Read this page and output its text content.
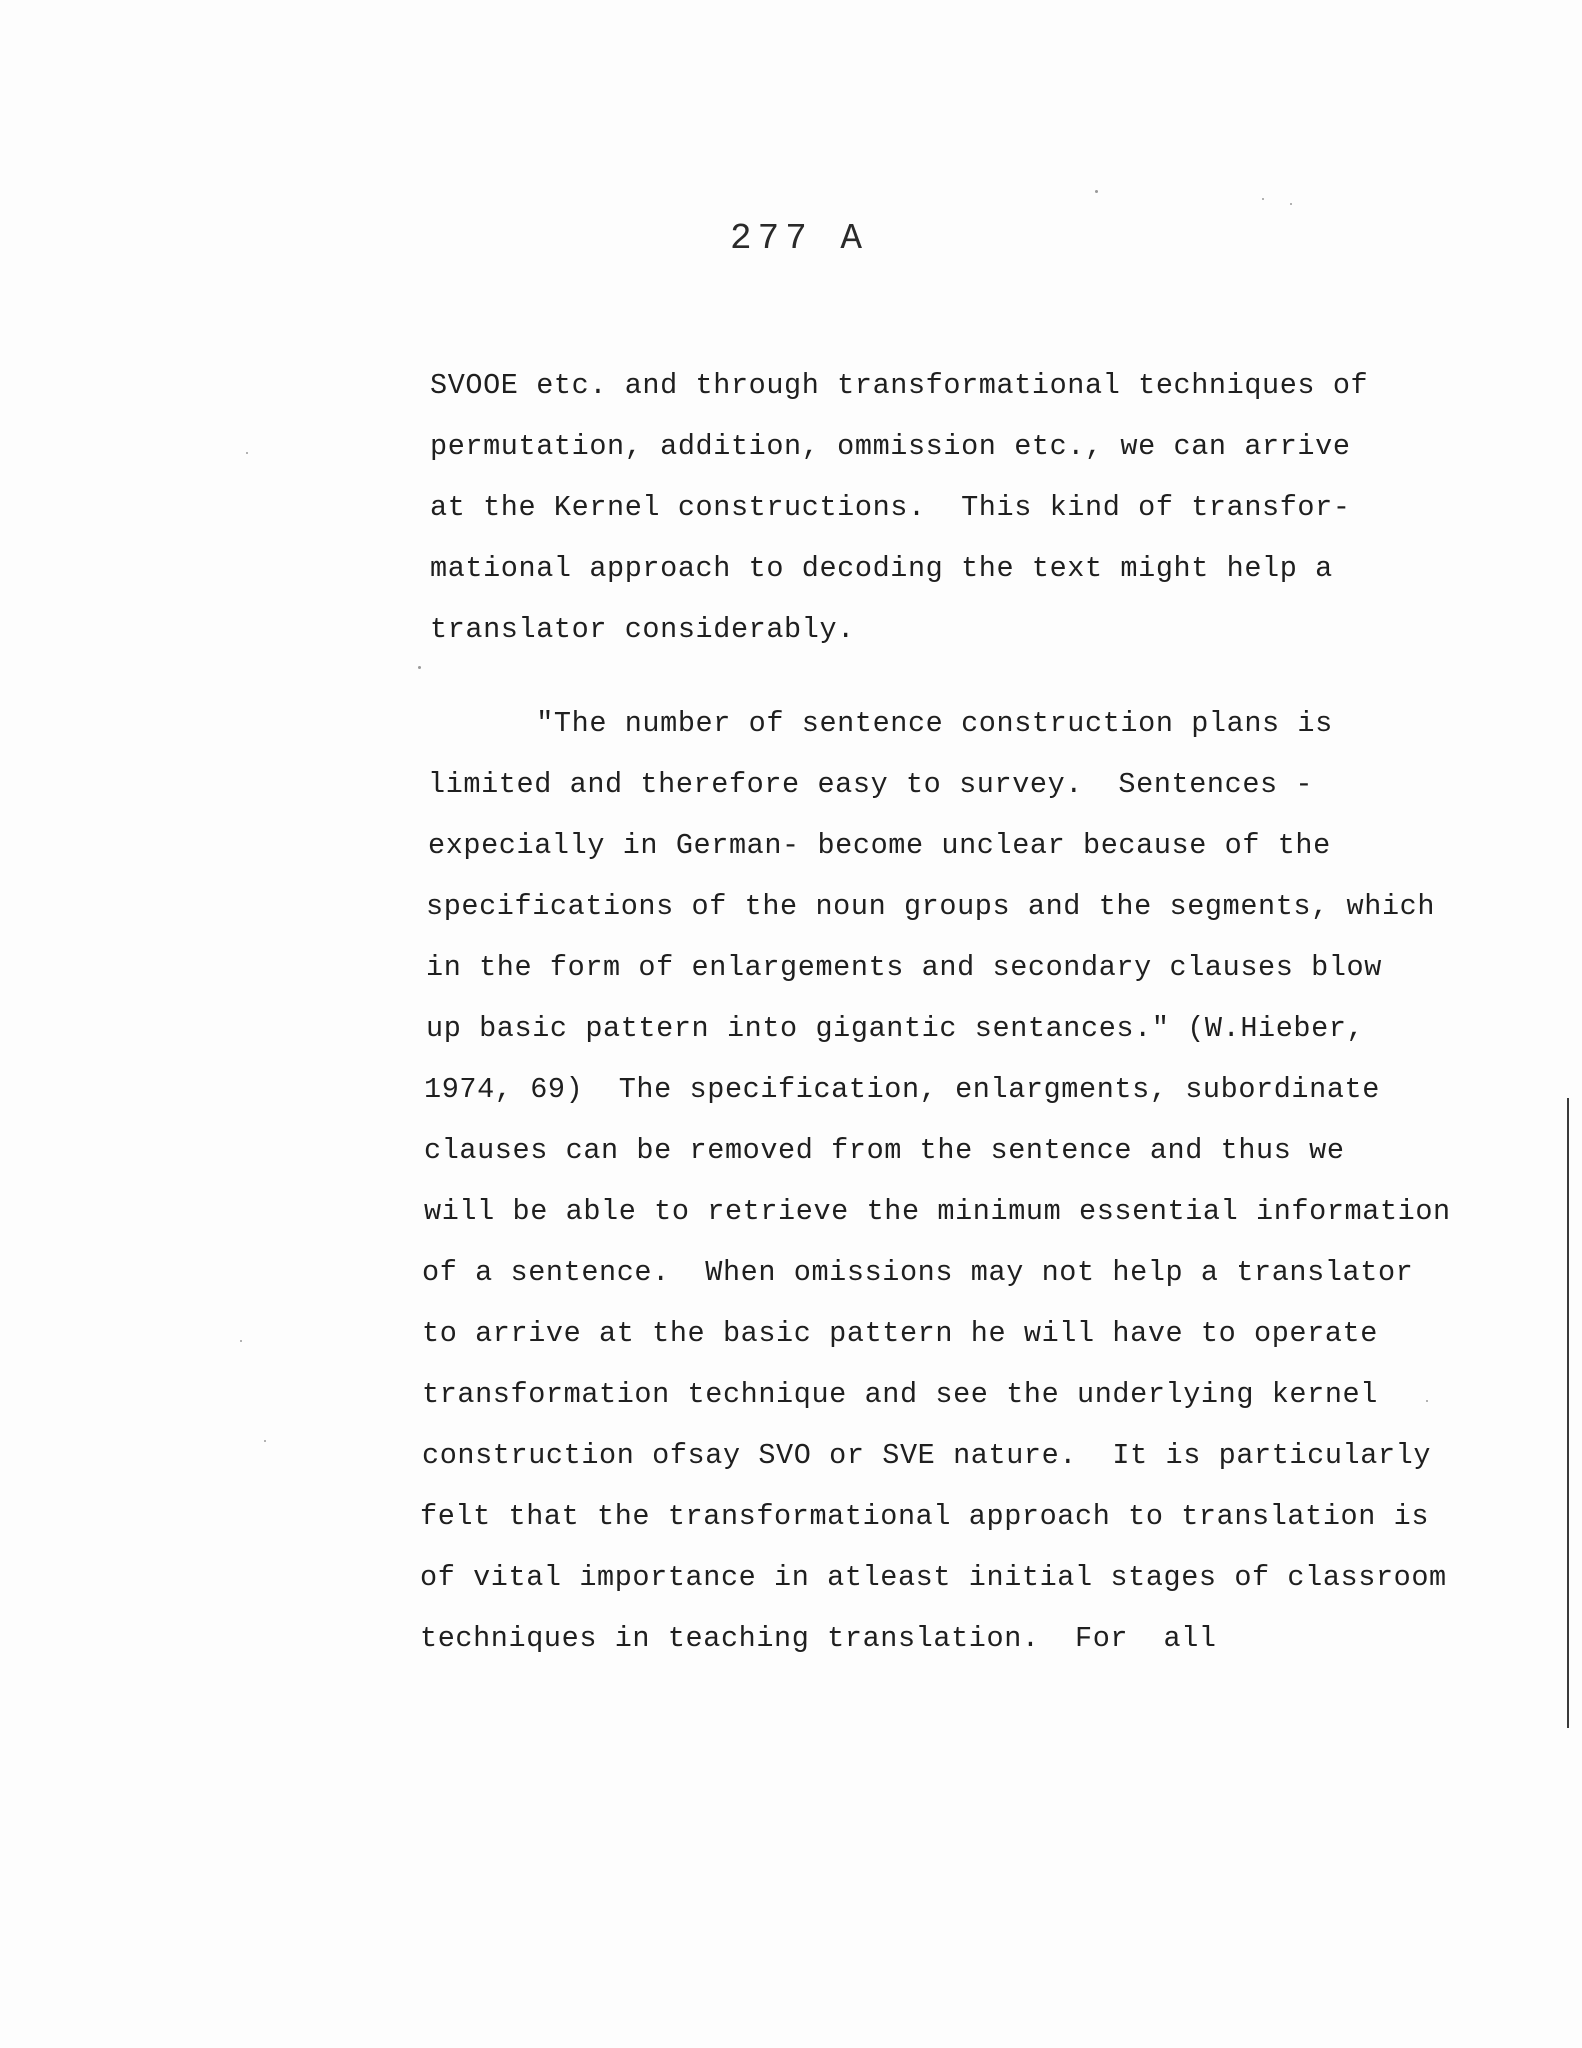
277 A
SVOOE etc. and through transformational techniques of
permutation, addition, ommission etc., we can arrive
at the Kernel constructions.  This kind of transfor-
mational approach to decoding the text might help a
translator considerably.
"The number of sentence construction plans is
limited and therefore easy to survey.  Sentences -
expecially in German- become unclear because of the
specifications of the noun groups and the segments, which
in the form of enlargements and secondary clauses blow
up basic pattern into gigantic sentances." (W.Hieber,
1974, 69)  The specification, enlargments, subordinate
clauses can be removed from the sentence and thus we
will be able to retrieve the minimum essential information
of a sentence.  When omissions may not help a translator
to arrive at the basic pattern he will have to operate
transformation technique and see the underlying kernel
construction ofsay SVO or SVE nature.  It is particularly
felt that the transformational approach to translation is
of vital importance in atleast initial stages of classroom
techniques in teaching translation.  For  all
